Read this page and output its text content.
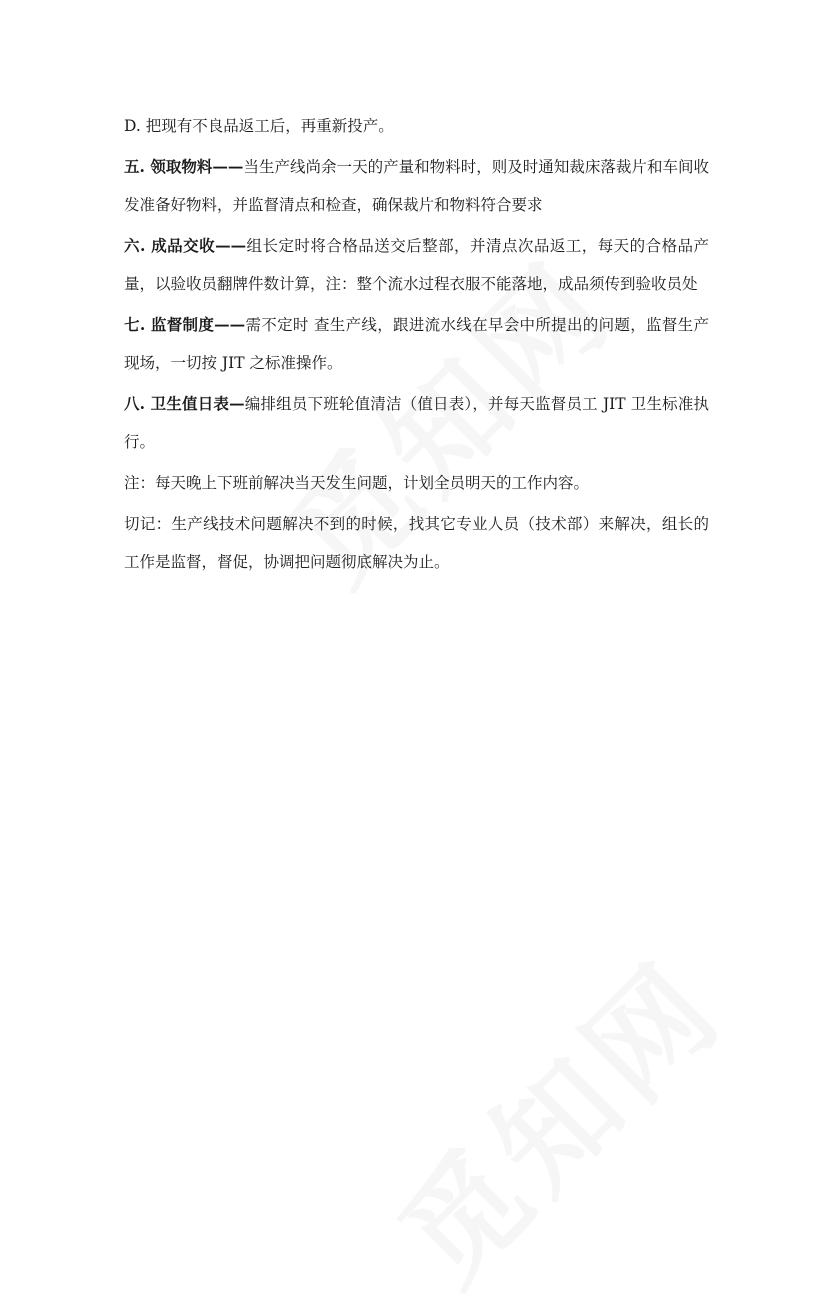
D. 把现有不良品返工后，再重新投产。

五. 领取物料——当生产线尚余一天的产量和物料时，则及时通知裁床落裁片和车间收发准备好物料，并监督清点和检查，确保裁片和物料符合要求

六. 成品交收——组长定时将合格品送交后整部，并清点次品返工，每天的合格品产量，以验收员翻牌件数计算，注：整个流水过程衣服不能落地，成品须传到验收员处

七. 监督制度——需不定时 查生产线，跟进流水线在早会中所提出的问题，监督生产现场，一切按 JIT 之标准操作。

八. 卫生值日表—编排组员下班轮值清洁（值日表），并每天监督员工 JIT 卫生标准执行。

注：每天晚上下班前解决当天发生问题，计划全员明天的工作内容。

切记：生产线技术问题解决不到的时候，找其它专业人员（技术部）来解决，组长的工作是监督，督促，协调把问题彻底解决为止。
